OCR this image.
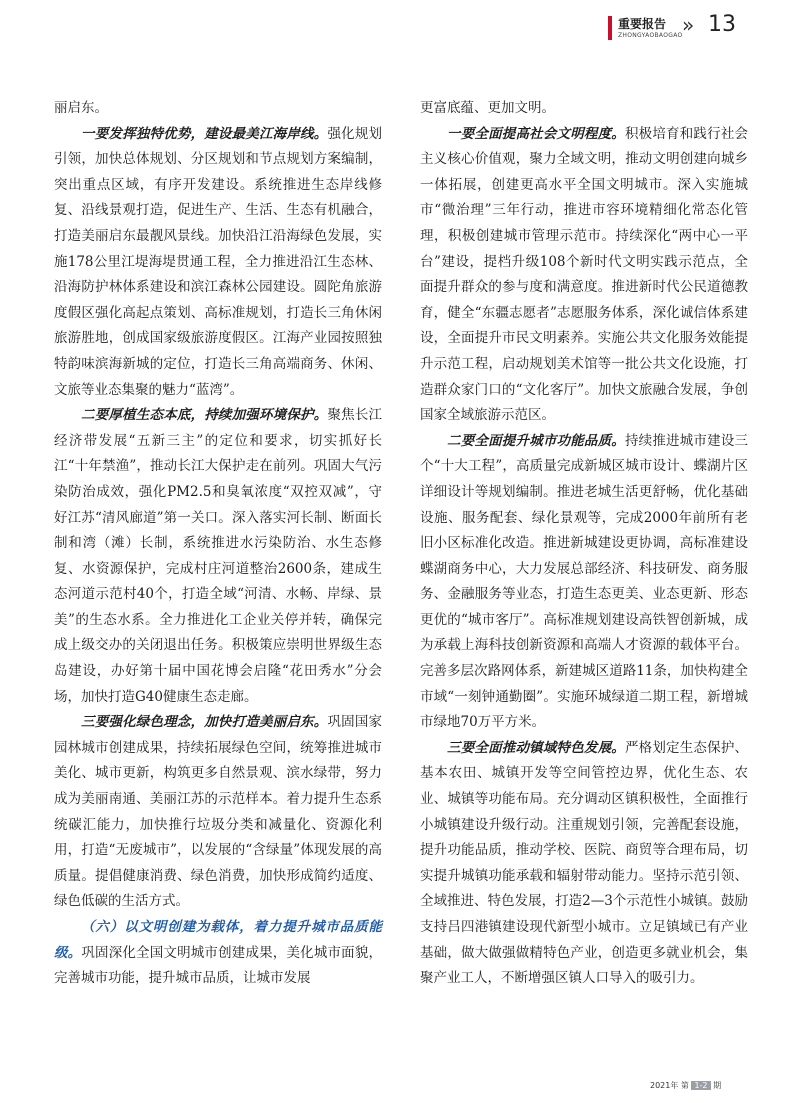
重要报告
ZHONGYAOBAOGAO » 13

丽启东。

一要发挥独特优势，建设最美江海岸线。强化规划引领，加快总体规划、分区规划和节点规划方案编制，突出重点区域，有序开发建设。系统推进生态岸线修复、沿线景观打造，促进生产、生活、生态有机融合，打造美丽启东最靓风景线。加快沿江沿海绿色发展，实施178公里江堤海堤贯通工程，全力推进沿江生态林、沿海防护林体系建设和滨江森林公园建设。圆陀角旅游度假区强化高起点策划、高标准规划，打造长三角休闲旅游胜地，创成国家级旅游度假区。江海产业园按照独特韵味滨海新城的定位，打造长三角高端商务、休闲、文旅等业态集聚的魅力“蓝湾”。

二要厚植生态本底，持续加强环境保护。聚焦长江经济带发展“五新三主”的定位和要求，切实抓好长江“十年禁渔”，推动长江大保护走在前列。巩固大气污染防治成效，强化PM2.5和臭氧浓度“双控双减”，守好江苏“清风廊道”第一关口。深入落实河长制、断面长制和湾（滩）长制，系统推进水污染防治、水生态修复、水资源保护，完成村庄河道整治2600条，建成生态河道示范村40个，打造全域“河清、水畅、岸绿、景美”的生态水系。全力推进化工企业关停并转，确保完成上级交办的关闭退出任务。积极策应崇明世界级生态岛建设，办好第十届中国花博会启隆“花田秀水”分会场，加快打造G40健康生态走廊。

三要强化绿色理念，加快打造美丽启东。巩固国家园林城市创建成果，持续拓展绿色空间，统筹推进城市美化、城市更新，构筑更多自然景观、滨水绿带，努力成为美丽南通、美丽江苏的示范样本。着力提升生态系统碳汇能力，加快推行垃圾分类和减量化、资源化利用，打造“无废城市”，以发展的“含绿量”体现发展的高质量。提倡健康消费、绿色消费，加快形成简约适度、绿色低碳的生活方式。

（六）以文明创建为载体，着力提升城市品质能级。巩固深化全国文明城市创建成果，美化城市面貌，完善城市功能，提升城市品质，让城市发展

更富底蕴、更加文明。

一要全面提高社会文明程度。积极培育和践行社会主义核心价值观，聚力全域文明，推动文明创建向城乡一体拓展，创建更高水平全国文明城市。深入实施城市“微治理”三年行动，推进市容环境精细化常态化管理，积极创建城市管理示范市。持续深化“两中心一平台”建设，提档升级108个新时代文明实践示范点，全面提升群众的参与度和满意度。推进新时代公民道德教育，健全“东疆志愿者”志愿服务体系，深化诚信体系建设，全面提升市民文明素养。实施公共文化服务效能提升示范工程，启动规划美术馆等一批公共文化设施，打造群众家门口的“文化客厅”。加快文旅融合发展，争创国家全域旅游示范区。

二要全面提升城市功能品质。持续推进城市建设三个“十大工程”，高质量完成新城区城市设计、蝶湖片区详细设计等规划编制。推进老城生活更舒畅，优化基础设施、服务配套、绿化景观等，完成2000年前所有老旧小区标准化改造。推进新城建设更协调，高标准建设蝶湖商务中心，大力发展总部经济、科技研发、商务服务、金融服务等业态，打造生态更美、业态更新、形态更优的“城市客厅”。高标准规划建设高铁智创新城，成为承载上海科技创新资源和高端人才资源的载体平台。完善多层次路网体系，新建城区道路11条，加快构建全市域“一刻钟通勤圈”。实施环城绿道二期工程，新增城市绿地70万平方米。

三要全面推动镇域特色发展。严格划定生态保护、基本农田、城镇开发等空间管控边界，优化生态、农业、城镇等功能布局。充分调动区镇积极性，全面推行小城镇建设升级行动。注重规划引领，完善配套设施，提升功能品质，推动学校、医院、商贸等合理布局，切实提升城镇功能承载和辐射带动能力。坚持示范引领、全域推进、特色发展，打造2—3个示范性小城镇。鼓励支持吕四港镇建设现代新型小城市。立足镇域已有产业基础，做大做强做精特色产业，创造更多就业机会，集聚产业工人，不断增强区镇人口导入的吸引力。

2021年 第 1-2 期
